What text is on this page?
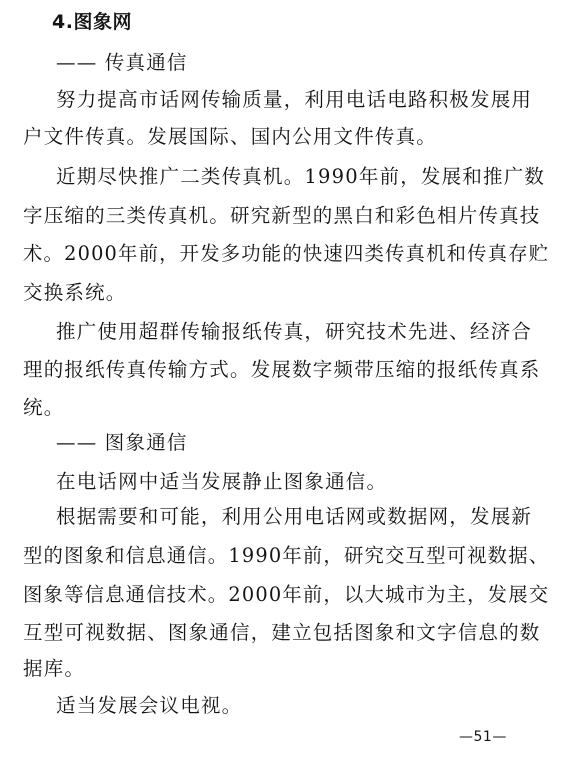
4.图象网
—— 传真通信
努力提高市话网传输质量，利用电话电路积极发展用
户文件传真。发展国际、国内公用文件传真。
近期尽快推广二类传真机。1990年前，发展和推广数
字压缩的三类传真机。研究新型的黑白和彩色相片传真技
术。2000年前，开发多功能的快速四类传真机和传真存贮
交换系统。
推广使用超群传输报纸传真，研究技术先进、经济合
理的报纸传真传输方式。发展数字频带压缩的报纸传真系
统。
—— 图象通信
在电话网中适当发展静止图象通信。
根据需要和可能，利用公用电话网或数据网，发展新
型的图象和信息通信。1990年前，研究交互型可视数据、
图象等信息通信技术。2000年前，以大城市为主，发展交
互型可视数据、图象通信，建立包括图象和文字信息的数
据库。
适当发展会议电视。
—51—
